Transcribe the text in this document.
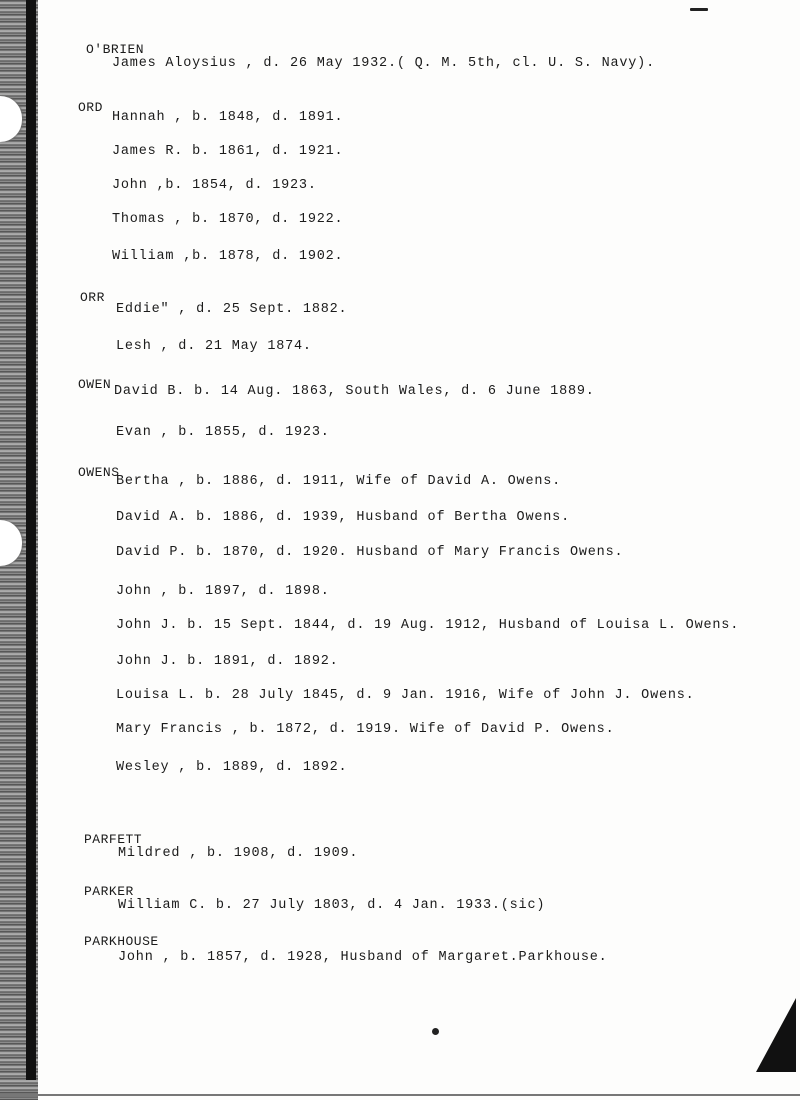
O'BRIEN
James Aloysius , d. 26 May 1932.( Q. M. 5th, cl. U. S. Navy).
ORD
Hannah , b. 1848, d. 1891.
James R. b. 1861, d. 1921.
John ,b. 1854, d. 1923.
Thomas , b. 1870, d. 1922.
William ,b. 1878, d. 1902.
ORR
Eddie" , d. 25 Sept. 1882.
Lesh , d. 21 May 1874.
OWEN David B. b. 14 Aug. 1863, South Wales, d. 6 June 1889.
Evan , b. 1855, d. 1923.
OWENS
Bertha , b. 1886, d. 1911, Wife of David A. Owens.
David A. b. 1886, d. 1939, Husband of Bertha Owens.
David P. b. 1870, d. 1920. Husband of Mary Francis Owens.
John , b. 1897, d. 1898.
John J. b. 15 Sept. 1844, d. 19 Aug. 1912, Husband of Louisa L. Owens.
John J. b. 1891, d. 1892.
Louisa L. b. 28 July 1845, d. 9 Jan. 1916, Wife of John J. Owens.
Mary Francis , b. 1872, d. 1919. Wife of David P. Owens.
Wesley , b. 1889, d. 1892.
PARFETT
Mildred , b. 1908, d. 1909.
PARKER
William C. b. 27 July 1803, d. 4 Jan. 1933.(sic)
PARKHOUSE
John , b. 1857, d. 1928, Husband of Margaret.Parkhouse.
